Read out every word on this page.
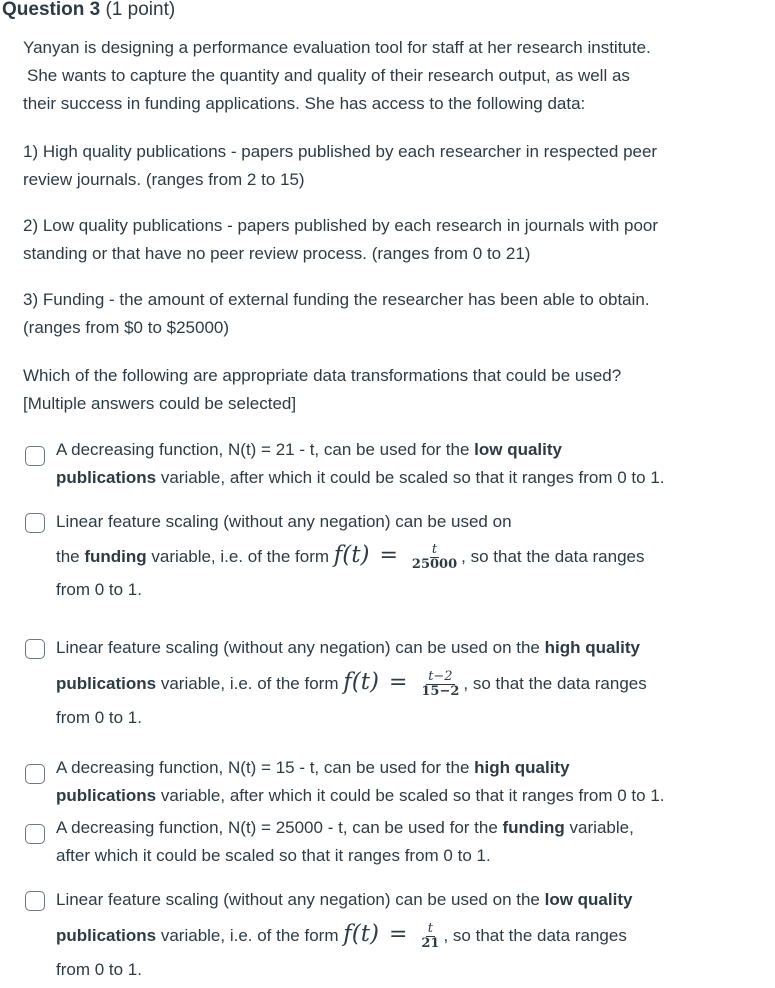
Question 3 (1 point)
Yanyan is designing a performance evaluation tool for staff at her research institute.
She wants to capture the quantity and quality of their research output, as well as
their success in funding applications. She has access to the following data:
1) High quality publications - papers published by each researcher in respected peer
review journals. (ranges from 2 to 15)
2) Low quality publications - papers published by each research in journals with poor
standing or that have no peer review process. (ranges from 0 to 21)
3) Funding - the amount of external funding the researcher has been able to obtain.
(ranges from $0 to $25000)
Which of the following are appropriate data transformations that could be used?
[Multiple answers could be selected]
A decreasing function, N(t) = 21 - t, can be used for the low quality
publications variable, after which it could be scaled so that it ranges from 0 to 1.
Linear feature scaling (without any negation) can be used on
the funding variable, i.e. of the form $f(t) = \frac{t}{25000}$ , so that the data ranges
from 0 to 1.
Linear feature scaling (without any negation) can be used on the high quality
publications variable, i.e. of the form $f(t) = \frac{t-2}{15-2}$ , so that the data ranges
from 0 to 1.
A decreasing function, N(t) = 15 - t, can be used for the high quality
publications variable, after which it could be scaled so that it ranges from 0 to 1.
A decreasing function, N(t) = 25000 - t, can be used for the funding variable,
after which it could be scaled so that it ranges from 0 to 1.
Linear feature scaling (without any negation) can be used on the low quality
publications variable, i.e. of the form $f(t) = \frac{t}{21}$ , so that the data ranges
from 0 to 1.
